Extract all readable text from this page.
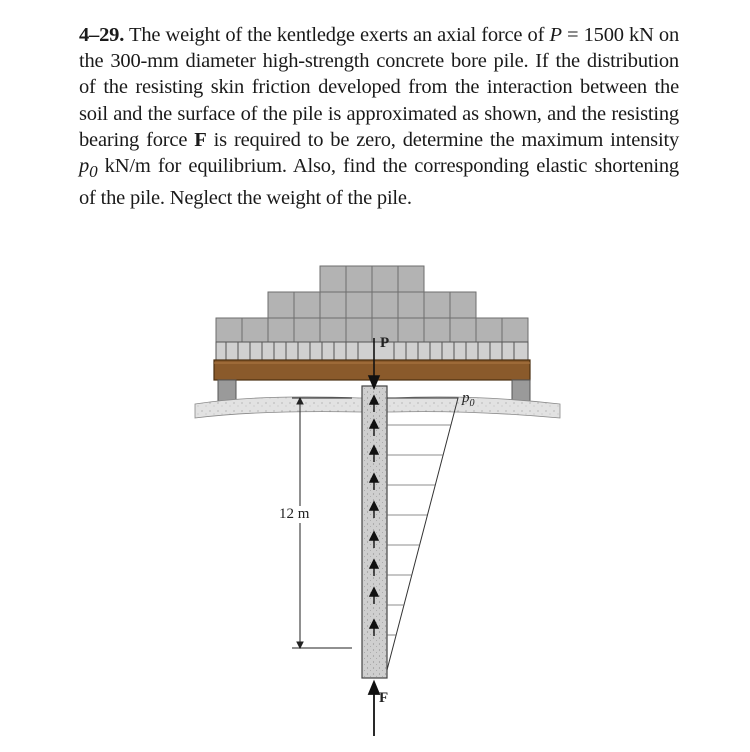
4–29. The weight of the kentledge exerts an axial force of P = 1500 kN on the 300-mm diameter high-strength concrete bore pile. If the distribution of the resisting skin friction developed from the interaction between the soil and the surface of the pile is approximated as shown, and the resisting bearing force F is required to be zero, determine the maximum intensity $p_0$ kN/m for equilibrium. Also, find the corresponding elastic shortening of the pile. Neglect the weight of the pile.
P
$p_0$
12 m
F
